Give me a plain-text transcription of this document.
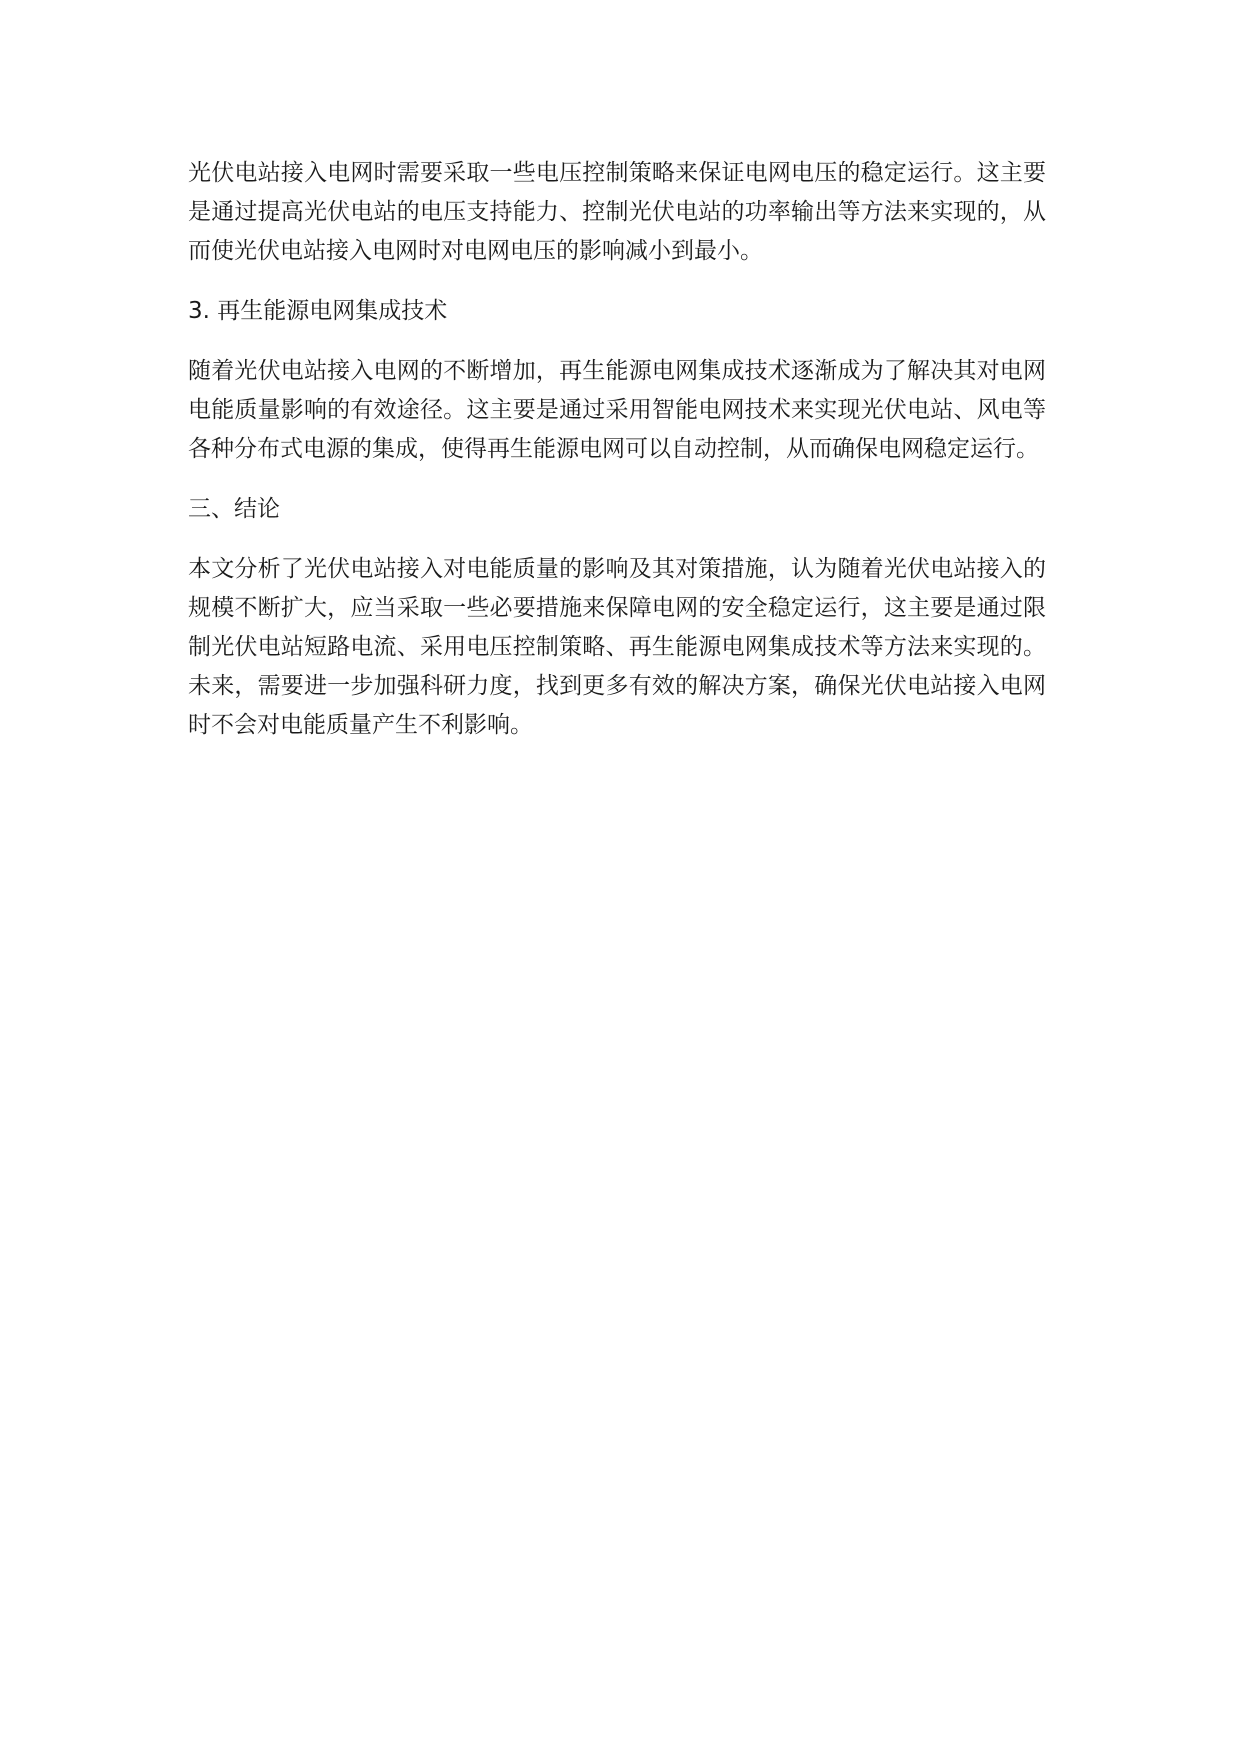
光伏电站接入电网时需要采取一些电压控制策略来保证电网电压的稳定运行。这主要是通过提高光伏电站的电压支持能力、控制光伏电站的功率输出等方法来实现的，从而使光伏电站接入电网时对电网电压的影响减小到最小。

3. 再生能源电网集成技术

随着光伏电站接入电网的不断增加，再生能源电网集成技术逐渐成为了解决其对电网电能质量影响的有效途径。这主要是通过采用智能电网技术来实现光伏电站、风电等各种分布式电源的集成，使得再生能源电网可以自动控制，从而确保电网稳定运行。

三、结论

本文分析了光伏电站接入对电能质量的影响及其对策措施，认为随着光伏电站接入的规模不断扩大，应当采取一些必要措施来保障电网的安全稳定运行，这主要是通过限制光伏电站短路电流、采用电压控制策略、再生能源电网集成技术等方法来实现的。未来，需要进一步加强科研力度，找到更多有效的解决方案，确保光伏电站接入电网时不会对电能质量产生不利影响。
